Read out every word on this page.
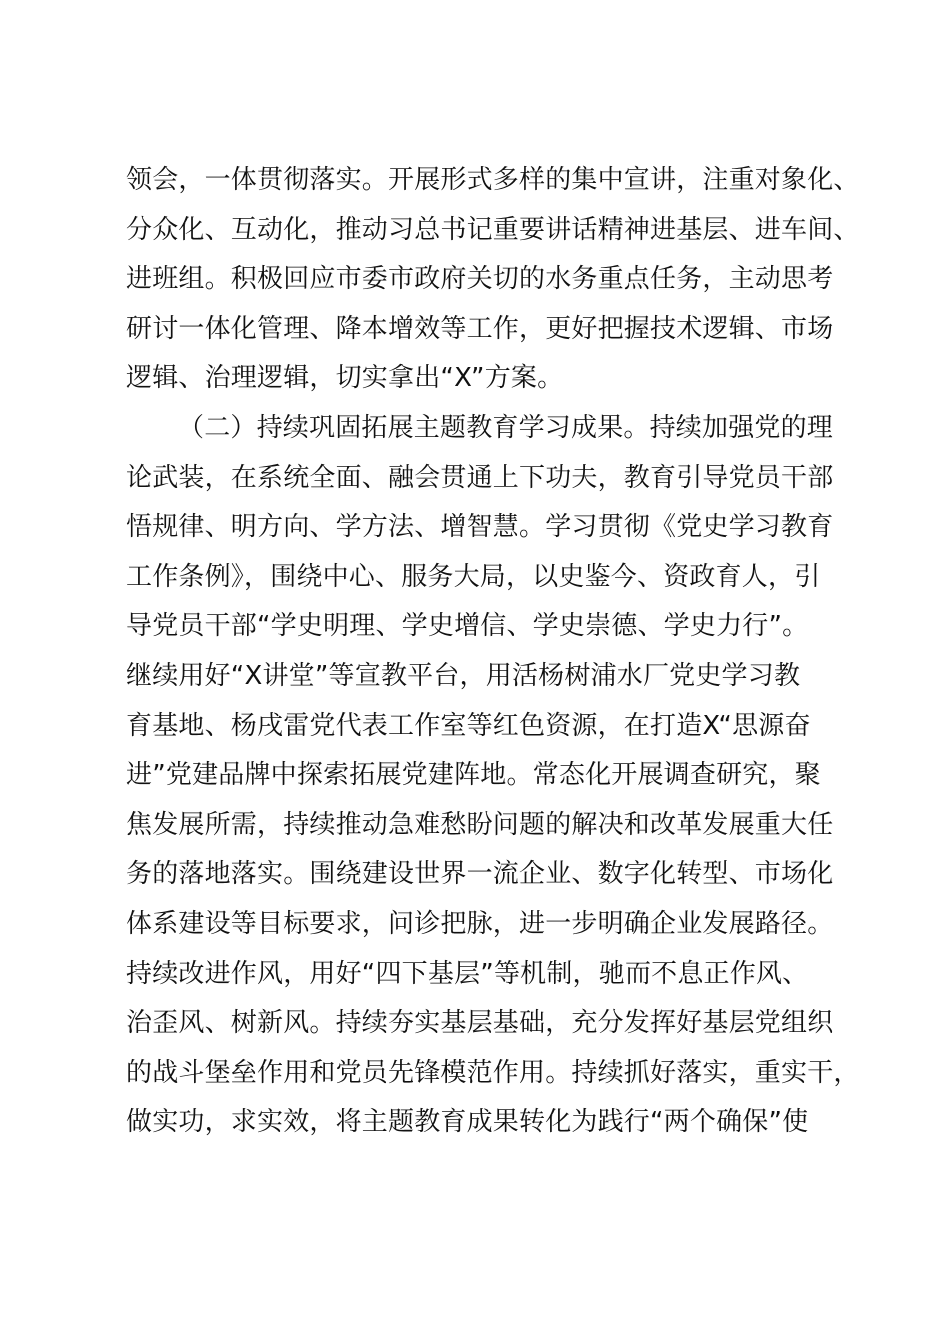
领会，一体贯彻落实。开展形式多样的集中宣讲，注重对象化、
分众化、互动化，推动习总书记重要讲话精神进基层、进车间、
进班组。积极回应市委市政府关切的水务重点任务，主动思考
研讨一体化管理、降本增效等工作，更好把握技术逻辑、市场
逻辑、治理逻辑，切实拿出“X”方案。
（二）持续巩固拓展主题教育学习成果。持续加强党的理
论武装，在系统全面、融会贯通上下功夫，教育引导党员干部
悟规律、明方向、学方法、增智慧。学习贯彻《党史学习教育
工作条例》，围绕中心、服务大局，以史鉴今、资政育人，引
导党员干部“学史明理、学史增信、学史崇德、学史力行”。
继续用好“X讲堂”等宣教平台，用活杨树浦水厂党史学习教
育基地、杨戌雷党代表工作室等红色资源，在打造X“思源奋
进”党建品牌中探索拓展党建阵地。常态化开展调查研究，聚
焦发展所需，持续推动急难愁盼问题的解决和改革发展重大任
务的落地落实。围绕建设世界一流企业、数字化转型、市场化
体系建设等目标要求，问诊把脉，进一步明确企业发展路径。
持续改进作风，用好“四下基层”等机制，驰而不息正作风、
治歪风、树新风。持续夯实基层基础，充分发挥好基层党组织
的战斗堡垒作用和党员先锋模范作用。持续抓好落实，重实干，
做实功，求实效，将主题教育成果转化为践行“两个确保”使
